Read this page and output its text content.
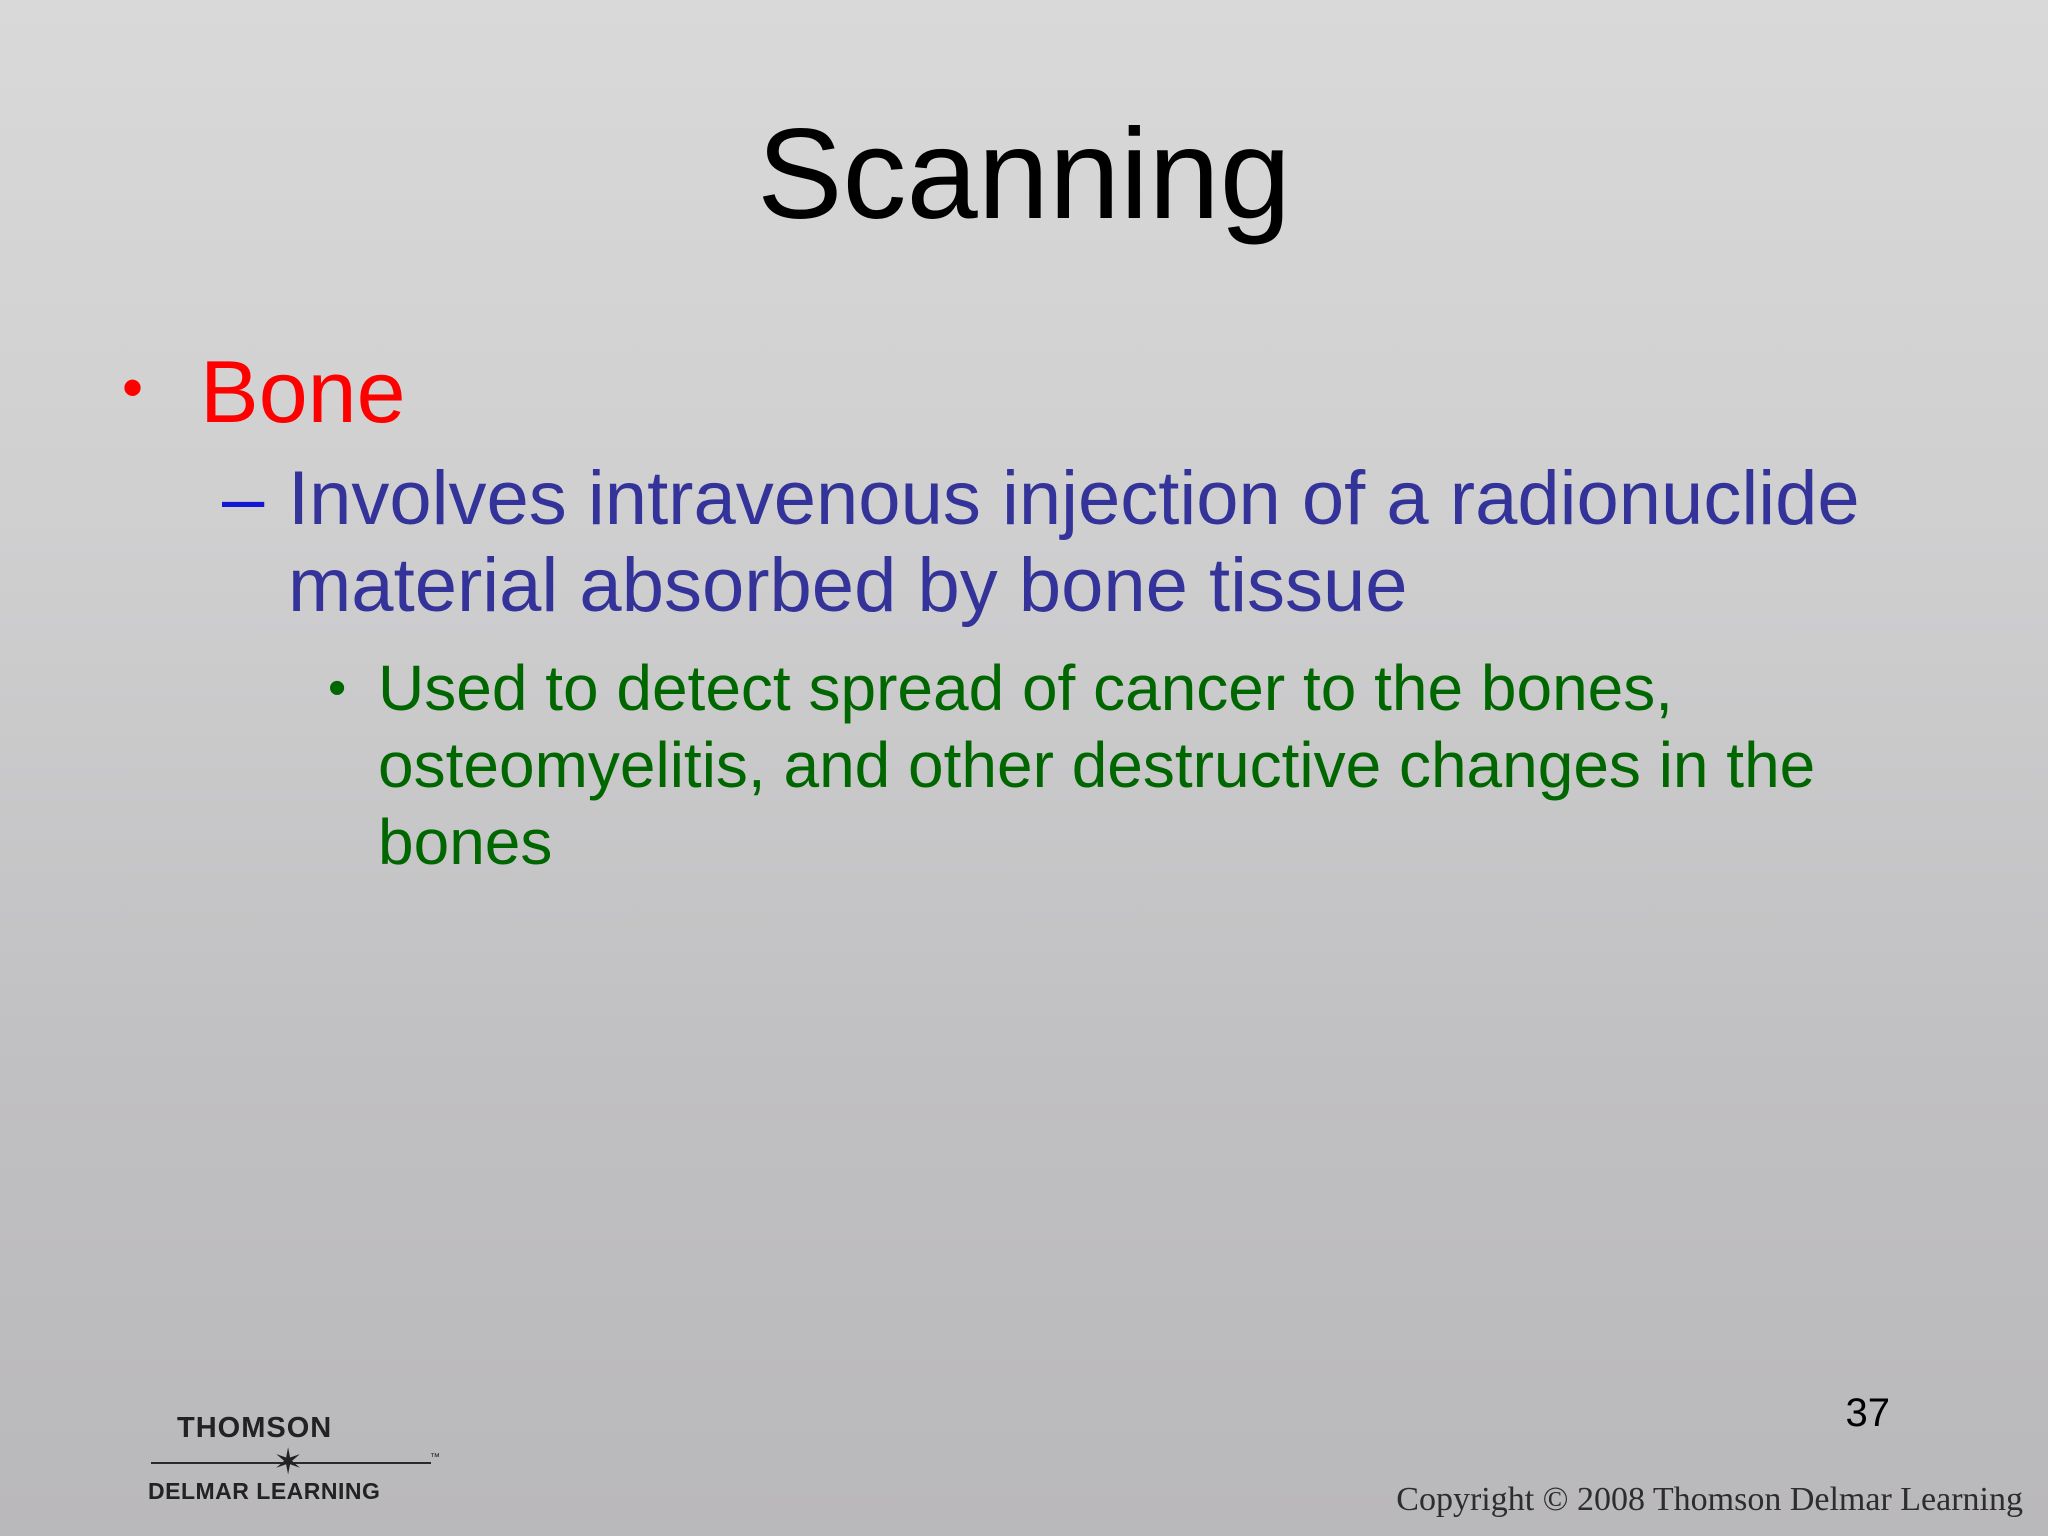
Scanning
• Bone
– Involves intravenous injection of a radionuclide material absorbed by bone tissue
• Used to detect spread of cancer to the bones, osteomyelitis, and other destructive changes in the bones
37
THOMSON
✶	™
DELMAR LEARNING	Copyright © 2008 Thomson Delmar Learning
